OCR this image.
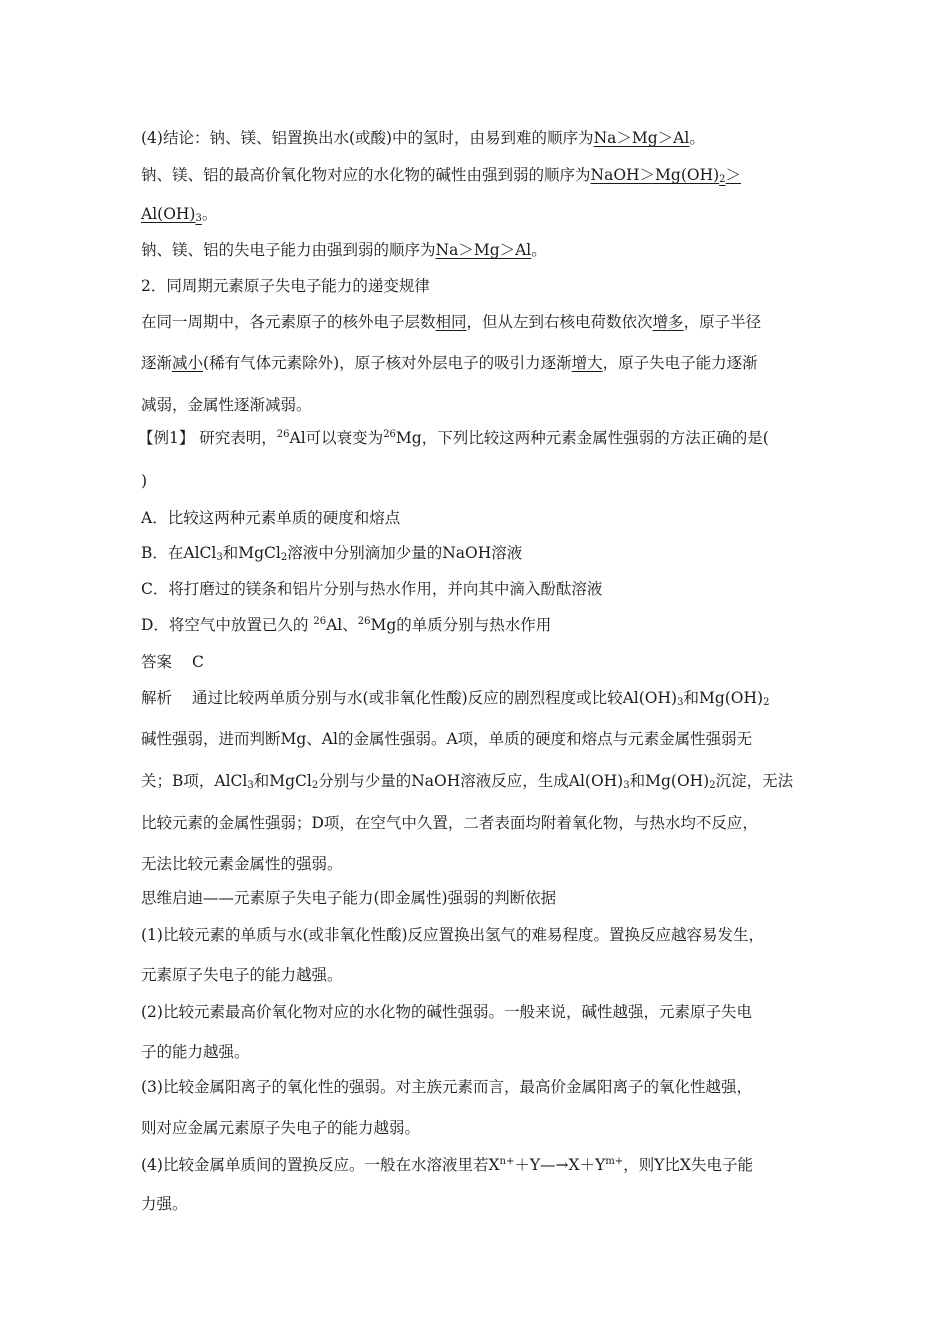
(4)结论：钠、镁、铝置换出水(或酸)中的氢时，由易到难的顺序为Na＞Mg＞Al。
钠、镁、铝的最高价氧化物对应的水化物的碱性由强到弱的顺序为$NaOH>Mg(OH)_2>$
$Al(OH)_3$。
钠、镁、铝的失电子能力由强到弱的顺序为Na＞Mg＞Al。
2．同周期元素原子失电子能力的递变规律
在同一周期中，各元素原子的核外电子层数相同，但从左到右核电荷数依次增多，原子半径
逐渐减小(稀有气体元素除外)，原子核对外层电子的吸引力逐渐增大，原子失电子能力逐渐
减弱，金属性逐渐减弱。
【例1】 研究表明，$^{26}$Al可以衰变为$^{26}$Mg，下列比较这两种元素金属性强弱的方法正确的是(
)
A．比较这两种元素单质的硬度和熔点
B．在AlCl$_3$和MgCl$_2$溶液中分别滴加少量的NaOH溶液
C．将打磨过的镁条和铝片分别与热水作用，并向其中滴入酚酞溶液
D．将空气中放置已久的 $^{26}$Al、$^{26}$Mg的单质分别与热水作用
答案 C
解析 通过比较两单质分别与水(或非氧化性酸)反应的剧烈程度或比较$Al(OH)_3$和$Mg(OH)_2$
碱性强弱，进而判断Mg、Al的金属性强弱。A项，单质的硬度和熔点与元素金属性强弱无
关；B项，AlCl$_3$和MgCl$_2$分别与少量的NaOH溶液反应，生成$Al(OH)_3$和$Mg(OH)_2$沉淀，无法
比较元素的金属性强弱；D项，在空气中久置，二者表面均附着氧化物，与热水均不反应，
无法比较元素金属性的强弱。
思维启迪——元素原子失电子能力(即金属性)强弱的判断依据
(1)比较元素的单质与水(或非氧化性酸)反应置换出氢气的难易程度。置换反应越容易发生，
元素原子失电子的能力越强。
(2)比较元素最高价氧化物对应的水化物的碱性强弱。一般来说，碱性越强，元素原子失电
子的能力越强。
(3)比较金属阳离子的氧化性的强弱。对主族元素而言，最高价金属阳离子的氧化性越强，
则对应金属元素原子失电子的能力越弱。
(4)比较金属单质间的置换反应。一般在水溶液里若$X^{n+}+Y—\to X+Y^{m+}$，则Y比X失电子能
力强。
